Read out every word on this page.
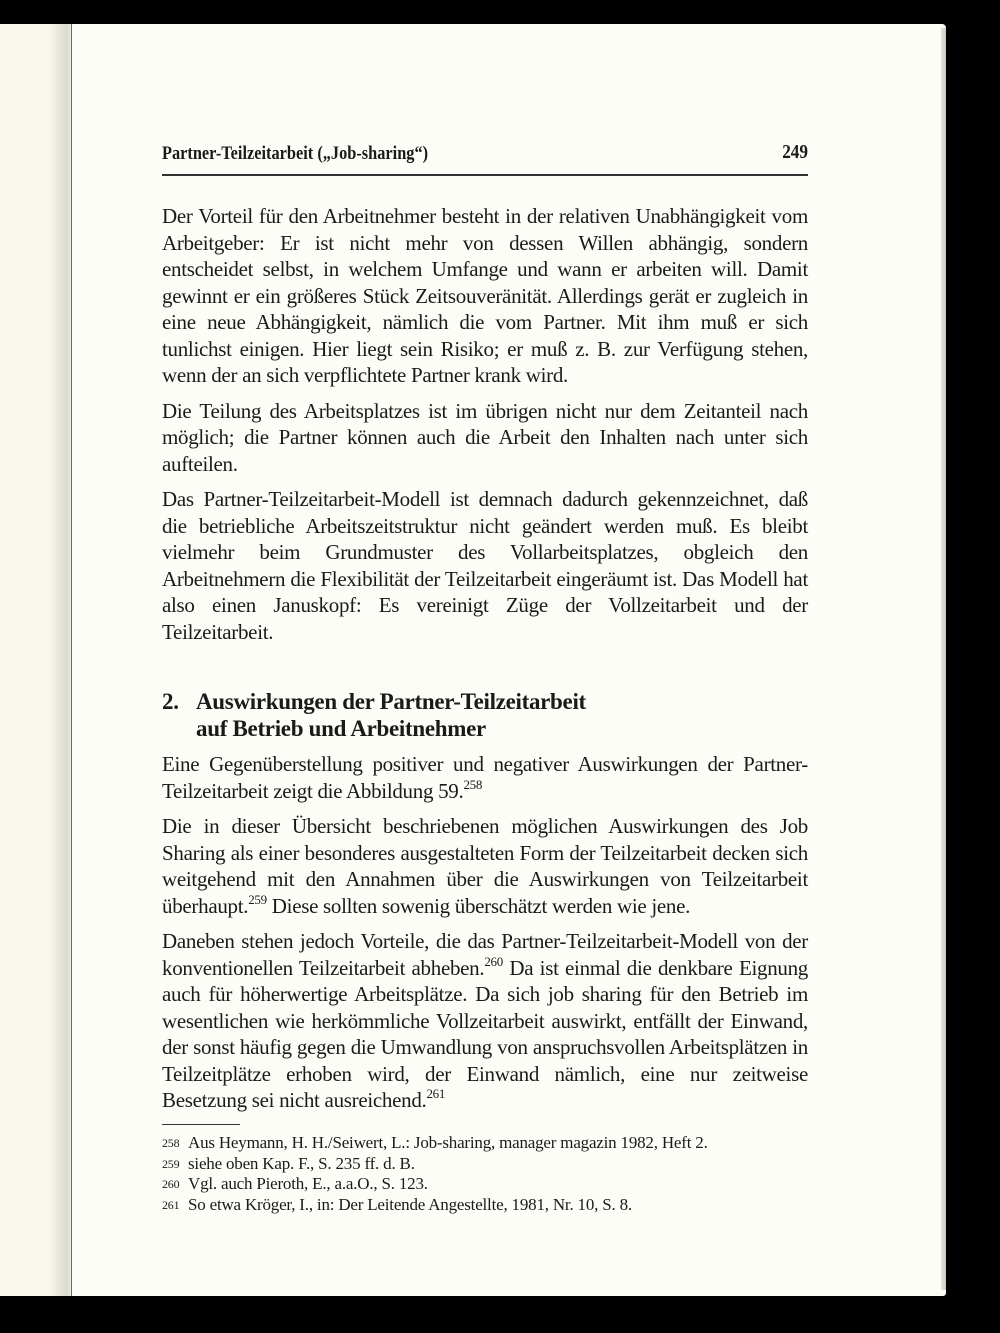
Partner-Teilzeitarbeit („Job-sharing“)	249

Der Vorteil für den Arbeitnehmer besteht in der relativen Unabhängigkeit vom Arbeitgeber: Er ist nicht mehr von dessen Willen abhängig, sondern entscheidet selbst, in welchem Umfange und wann er arbeiten will. Damit gewinnt er ein größeres Stück Zeitsouveränität. Allerdings gerät er zugleich in eine neue Abhängigkeit, nämlich die vom Partner. Mit ihm muß er sich tunlichst einigen. Hier liegt sein Risiko; er muß z. B. zur Verfügung stehen, wenn der an sich verpflichtete Partner krank wird.

Die Teilung des Arbeitsplatzes ist im übrigen nicht nur dem Zeitanteil nach möglich; die Partner können auch die Arbeit den Inhalten nach unter sich aufteilen.

Das Partner-Teilzeitarbeit-Modell ist demnach dadurch gekennzeichnet, daß die betriebliche Arbeitszeitstruktur nicht geändert werden muß. Es bleibt vielmehr beim Grundmuster des Vollarbeitsplatzes, obgleich den Arbeitnehmern die Flexibilität der Teilzeitarbeit eingeräumt ist. Das Modell hat also einen Januskopf: Es vereinigt Züge der Vollzeitarbeit und der Teilzeitarbeit.

2. Auswirkungen der Partner-Teilzeitarbeit
auf Betrieb und Arbeitnehmer

Eine Gegenüberstellung positiver und negativer Auswirkungen der Partner-Teilzeitarbeit zeigt die Abbildung 59.$^{258}$

Die in dieser Übersicht beschriebenen möglichen Auswirkungen des Job Sharing als einer besonderes ausgestalteten Form der Teilzeitarbeit decken sich weitgehend mit den Annahmen über die Auswirkungen von Teilzeitarbeit überhaupt.$^{259}$ Diese sollten sowenig überschätzt werden wie jene.

Daneben stehen jedoch Vorteile, die das Partner-Teilzeitarbeit-Modell von der konventionellen Teilzeitarbeit abheben.$^{260}$ Da ist einmal die denkbare Eignung auch für höherwertige Arbeitsplätze. Da sich job sharing für den Betrieb im wesentlichen wie herkömmliche Vollzeitarbeit auswirkt, entfällt der Einwand, der sonst häufig gegen die Umwandlung von anspruchsvollen Arbeitsplätzen in Teilzeitplätze erhoben wird, der Einwand nämlich, eine nur zeitweise Besetzung sei nicht ausreichend.$^{261}$

258 Aus Heymann, H. H./Seiwert, L.: Job-sharing, manager magazin 1982, Heft 2.
259 siehe oben Kap. F., S. 235 ff. d. B.
260 Vgl. auch Pieroth, E., a.a.O., S. 123.
261 So etwa Kröger, I., in: Der Leitende Angestellte, 1981, Nr. 10, S. 8.
